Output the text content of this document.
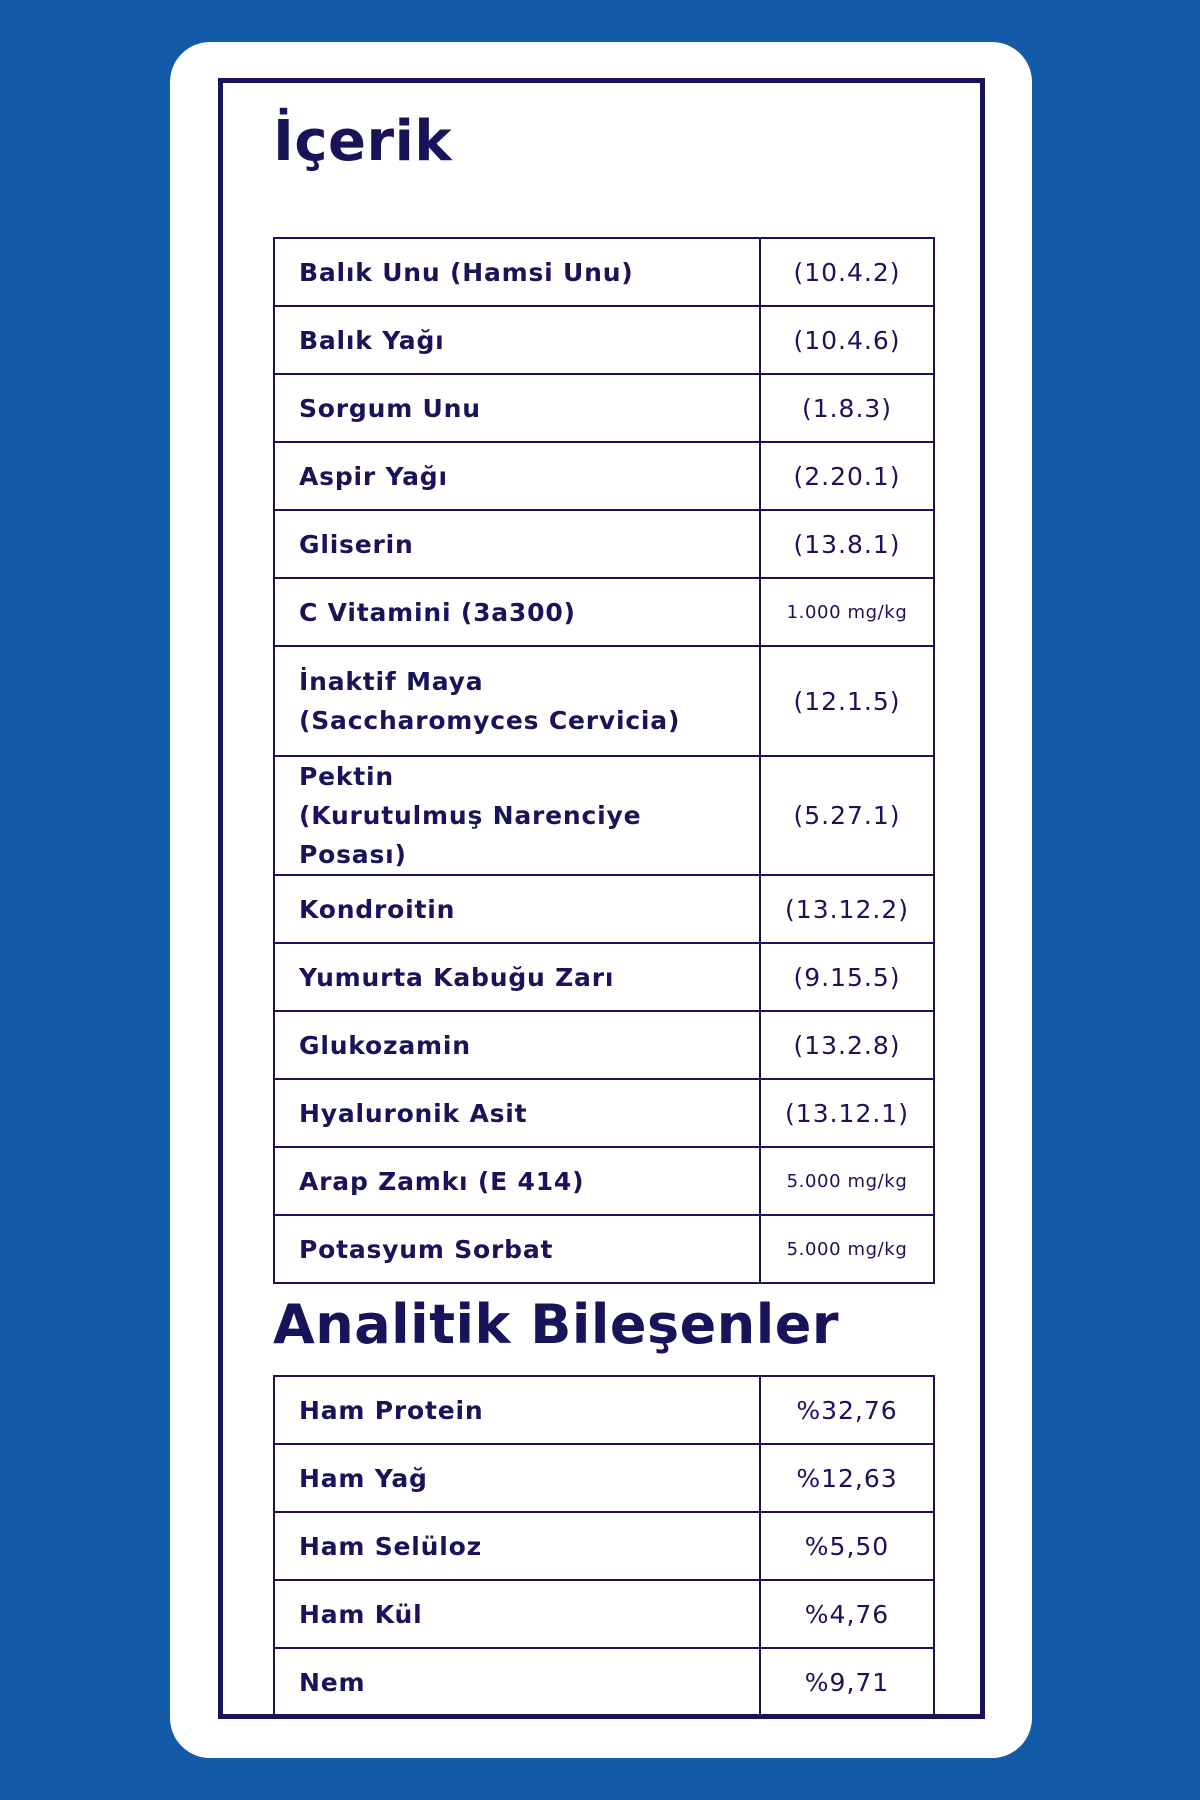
İçerik
Balık Unu (Hamsi Unu)	(10.4.2)
Balık Yağı	(10.4.6)
Sorgum Unu	(1.8.3)
Aspir Yağı	(2.20.1)
Gliserin	(13.8.1)
C Vitamini (3a300)	1.000 mg/kg

İnaktif Maya
(Saccharomyces Cervicia)	(12.1.5)

Pektin
(Kurutulmuş Narenciye Posası)	(5.27.1)
Kondroitin	(13.12.2)
Yumurta Kabuğu Zarı	(9.15.5)
Glukozamin	(13.2.8)
Hyaluronik Asit	(13.12.1)
Arap Zamkı (E 414)	5.000 mg/kg
Potasyum Sorbat	5.000 mg/kg
Analitik Bileşenler
Ham Protein	%32,76
Ham Yağ	%12,63
Ham Selüloz	%5,50
Ham Kül	%4,76
Nem	%9,71
